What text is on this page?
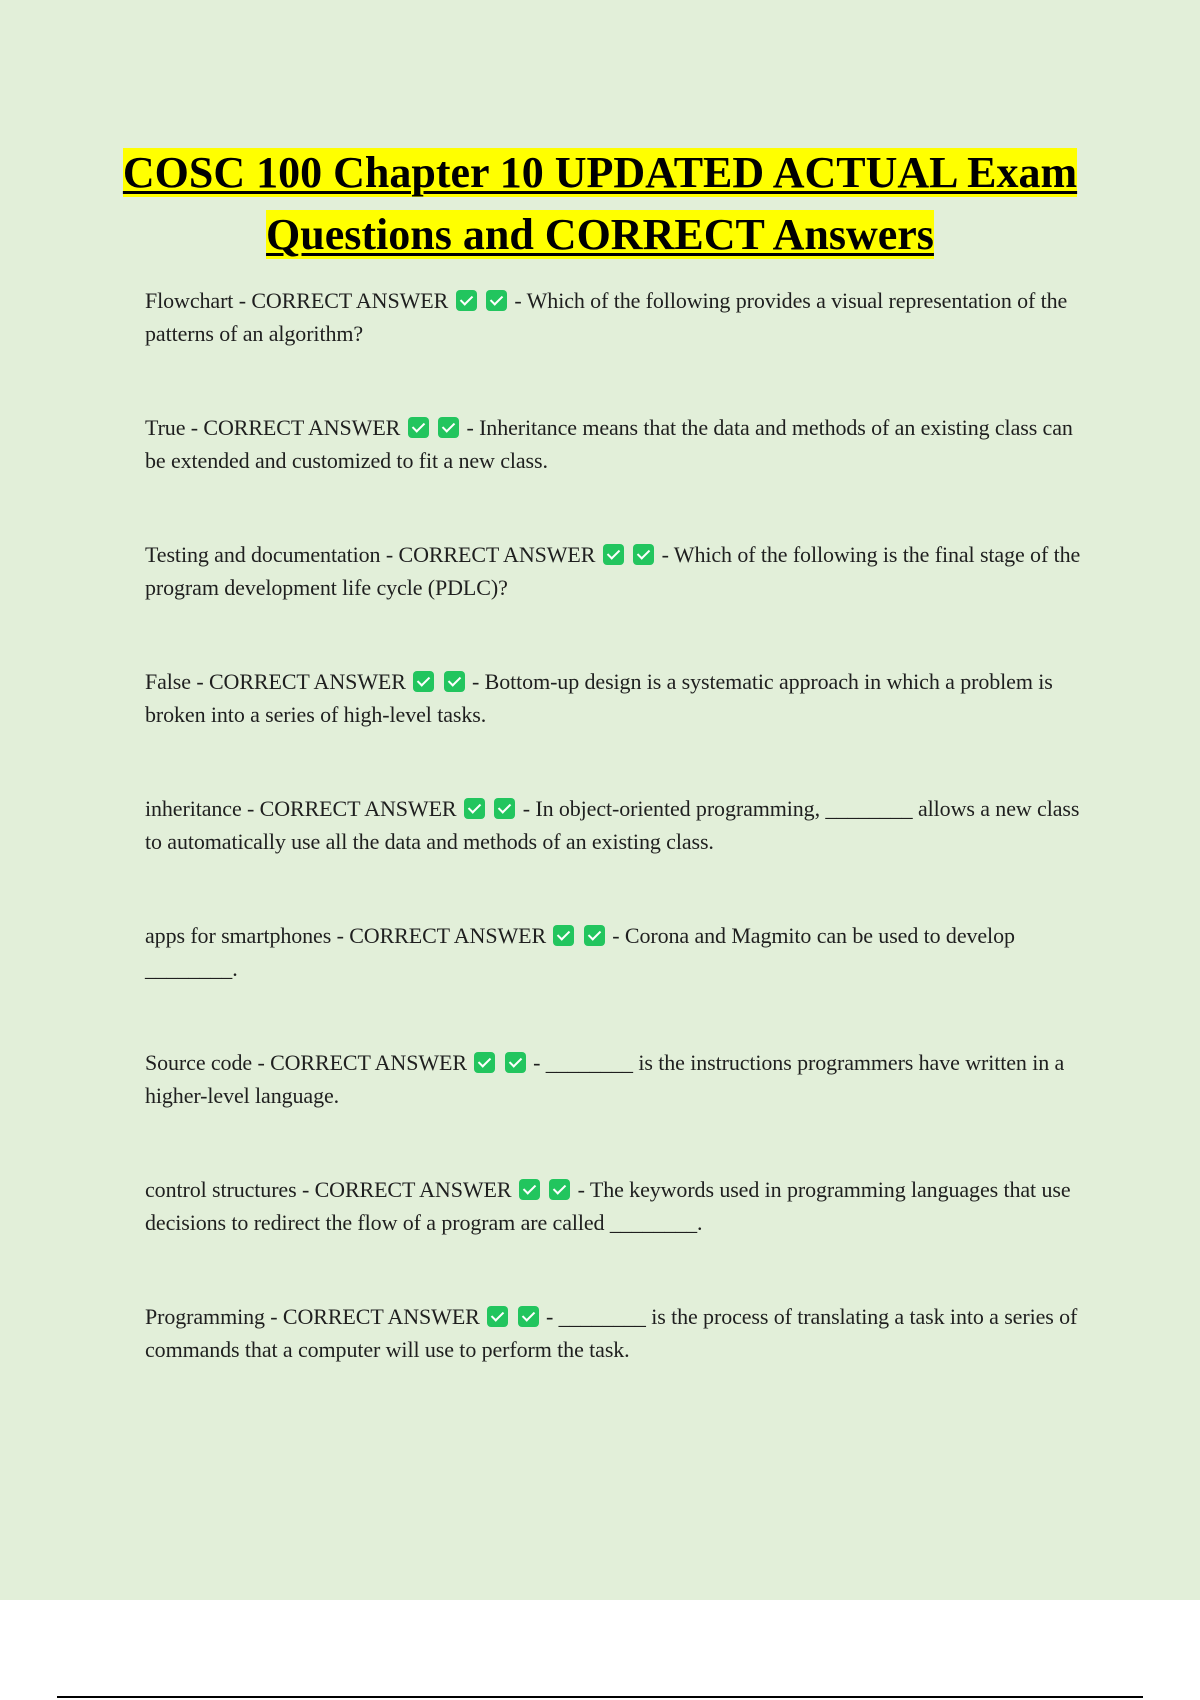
COSC 100 Chapter 10 UPDATED ACTUAL Exam Questions and CORRECT Answers
Flowchart - CORRECT ANSWER	- Which of the following provides a visual representation of the patterns of an algorithm?
True - CORRECT ANSWER	- Inheritance means that the data and methods of an existing class can be extended and customized to fit a new class.
Testing and documentation - CORRECT ANSWER	- Which of the following is the final stage of the program development life cycle (PDLC)?
False - CORRECT ANSWER	- Bottom-up design is a systematic approach in which a problem is broken into a series of high-level tasks.
inheritance - CORRECT ANSWER	- In object-oriented programming, ________ allows a new class to automatically use all the data and methods of an existing class.
apps for smartphones - CORRECT ANSWER	- Corona and Magmito can be used to develop ________.
Source code - CORRECT ANSWER	- ________ is the instructions programmers have written in a higher-level language.
control structures - CORRECT ANSWER	- The keywords used in programming languages that use decisions to redirect the flow of a program are called ________.
Programming - CORRECT ANSWER	- ________ is the process of translating a task into a series of commands that a computer will use to perform the task.
